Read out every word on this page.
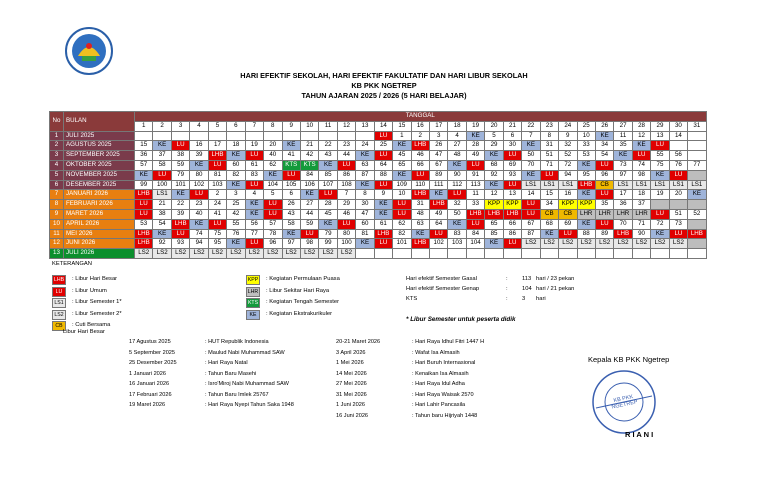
HARI EFEKTIF SEKOLAH, HARI EFEKTIF FAKULTATIF DAN HARI LIBUR SEKOLAH
KB PKK NGETREP
TAHUN AJARAN 2025 / 2026 (5 HARI BELAJAR)
No	BULAN	TANGGAL																														
		1	2	3	4	5	6	7	8	9	10	11	12	13	14	15	16	17	18	19	20	21	22	23	24	25	26	27	28	29	30	31
1	JULI 2025														LU	1	2	3	4	KE	5	6	7	8	9	10	KE	11	12	13	14	
2	AGUSTUS 2025	15	KE	LU	16	17	18	19	20	KE	21	22	23	24	25	KE	LHB	26	27	28	29	30	KE	31	32	33	34	35	KE	LU		
3	SEPTEMBER 2025	36	37	38	39	LHB	KE	LU	40	41	42	43	44	KE	LU	45	46	47	48	49	KE	LU	50	51	52	53	54	KE	LU	55	56	
4	OKTOBER 2025	57	58	59	KE	LU	60	61	62	KTS	KTS	KE	LU	63	64	65	66	67	KE	LU	68	69	70	71	72	KE	LU	73	74	75	76	77
5	NOVEMBER 2025	KE	LU	79	80	81	82	83	KE	LU	84	85	86	87	88	KE	LU	89	90	91	92	93	KE	LU	94	95	96	97	98	KE	LU	
6	DESEMBER 2025	99	100	101	102	103	KE	LU	104	105	106	107	108	KE	LU	109	110	111	112	113	KE	LU	LS1	LS1	LS1	LHB	CB	LS1	LS1	LS1	LS1	LS1
7	JANUARI 2026	LHB	LS1	KE	LU	2	3	4	5	6	KE	LU	7	8	9	10	LHB	KE	LU	11	12	13	14	15	16	KE	LU	17	18	19	20	KE
8	FEBRUARI 2026	LU	21	22	23	24	25	KE	LU	26	27	28	29	30	KE	LU	31	LHB	32	33	KPP	KPP	LU	34	KPP	KPP	35	36	37			
9	MARET 2026	LU	38	39	40	41	42	KE	LU	43	44	45	46	47	KE	LU	48	49	50	LHB	LHB	LHB	LU	CB	CB	LHR	LHR	LHR	LHR	LU	51	52
10	APRIL 2026	53	54	LHB	KE	LU	55	56	57	58	59	KE	LU	60	61	62	63	64	KE	LU	65	66	67	68	69	KE	LU	70	71	72	73	
11	MEI 2026	LHB	KE	LU	74	75	76	77	78	KE	LU	79	80	81	LHB	82	KE	LU	83	84	85	86	87	KE	LU	88	89	LHB	90	KE	LU	LHB
12	JUNI 2026	LHB	92	93	94	95	KE	LU	96	97	98	99	100	KE	LU	101	LHB	102	103	104	KE	LU	LS2	LS2	LS2	LS2	LS2	LS2	LS2	LS2	LS2	
13	JULI 2026	LS2	LS2	LS2	LS2	LS2	LS2	LS2	LS2	LS2	LS2	LS2	LS2																			
KETERANGAN
LHB	: Libur Hari Besar
LU	: Libur Umum
LS1	: Libur Semester 1*
LS2	: Libur Semester 2*
CB	: Cuti Bersama
KPP	: Kegiatan Permulaan Puasa
LHR	: Libur Sekitar Hari Raya
KTS	: Kegiatan Tengah Semester
KE	: Kegiatan Ekstrakurikuler
Hari efektif Semester Gasal	: 113 hari / 23 pekan
Hari efektif Semester Genap	: 104 hari / 21 pekan
KTS	: 3 hari
* Libur Semester untuk peserta didik
Libur Hari Besar
17 Agustus 2025	: HUT Republik Indonesia
5 September 2025	: Maulud Nabi Muhammad SAW
25 Desember 2025	: Hari Raya Natal
1 Januari 2026	: Tahun Baru Masehi
16 Januari 2026	: Isro'Miroj Nabi Muhammad SAW
17 Februari 2026	: Tahun Baru Imlek 25767
19 Maret 2026	: Hari Raya Nyepi Tahun Saka 1948
20-21 Maret 2026	: Hari Raya Idhul Fitri 1447 H
3 April 2026	: Wafat Isa Almasih
1 Mei 2026	: Hari Buruh Internasional
14 Mei 2026	: Kenaikan Isa Almasih
27 Mei 2026	: Hari Raya Idul Adha
31 Mei 2026	: Hari Raya Waisak 2570
1 Juni 2026	: Hari Lahir Pancasila
16 Juni 2026	: Tahun baru Hijriyah 1448
Kepala KB PKK Ngetrep
KB PKK NGETREP
R I A N I
